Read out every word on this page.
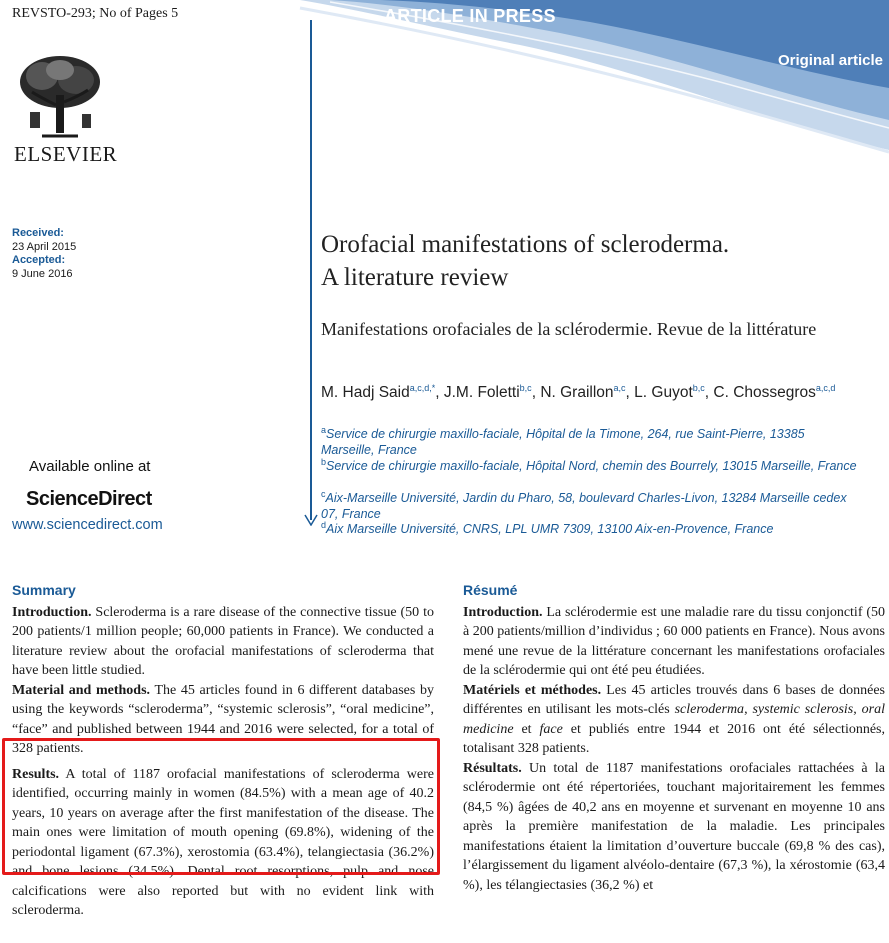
REVSTO-293; No of Pages 5	ARTICLE IN PRESS
Original article
ELSEVIER
Received:
23 April 2015
Accepted:
9 June 2016
Orofacial manifestations of scleroderma.
A literature review
Manifestations orofaciales de la sclérodermie. Revue de la littérature
M. Hadj Said$^{a,c,d,*}$, J.M. Foletti$^{b,c}$, N. Graillon$^{a,c}$, L. Guyot$^{b,c}$, C. Chossegros$^{a,c,d}$
$^a$Service de chirurgie maxillo-faciale, Hôpital de la Timone, 264, rue Saint-Pierre, 13385 Marseille, France
$^b$Service de chirurgie maxillo-faciale, Hôpital Nord, chemin des Bourrely, 13015 Marseille, France
$^c$Aix-Marseille Université, Jardin du Pharo, 58, boulevard Charles-Livon, 13284 Marseille cedex 07, France
$^d$Aix Marseille Université, CNRS, LPL UMR 7309, 13100 Aix-en-Provence, France
Available online at
ScienceDirect
www.sciencedirect.com
Summary

Introduction. Scleroderma is a rare disease of the connective tissue (50 to 200 patients/1 million people; 60,000 patients in France). We conducted a literature review about the orofacial manifestations of scleroderma that have been little studied.

Material and methods. The 45 articles found in 6 different databases by using the keywords “scleroderma”, “systemic sclerosis”, “oral medicine”, “face” and published between 1944 and 2016 were selected, for a total of 328 patients.

Results. A total of 1187 orofacial manifestations of scleroderma were identified, occurring mainly in women (84.5%) with a mean age of 40.2 years, 10 years on average after the first manifestation of the disease. The main ones were limitation of mouth opening (69.8%), widening of the periodontal ligament (67.3%), xerostomia (63.4%), telangiectasia (36.2%) and bone lesions (34.5%). Dental root resorptions, pulp and nose calcifications were also reported but with no evident link with scleroderma.

Résumé

Introduction. La sclérodermie est une maladie rare du tissu conjonctif (50 à 200 patients/million d’individus ; 60 000 patients en France). Nous avons mené une revue de la littérature concernant les manifestations orofaciales de la sclérodermie qui ont été peu étudiées.

Matériels et méthodes. Les 45 articles trouvés dans 6 bases de données différentes en utilisant les mots-clés scleroderma, systemic sclerosis, oral medicine et face et publiés entre 1944 et 2016 ont été sélectionnés, totalisant 328 patients.

Résultats. Un total de 1187 manifestations orofaciales rattachées à la sclérodermie ont été répertoriées, touchant majoritairement les femmes (84,5 %) âgées de 40,2 ans en moyenne et survenant en moyenne 10 ans après la première manifestation de la maladie. Les principales manifestations étaient la limitation d’ouverture buccale (69,8 % des cas), l’élargissement du ligament alvéolo-dentaire (67,3 %), la xérostomie (63,4 %), les télangiectasies (36,2 %) et
